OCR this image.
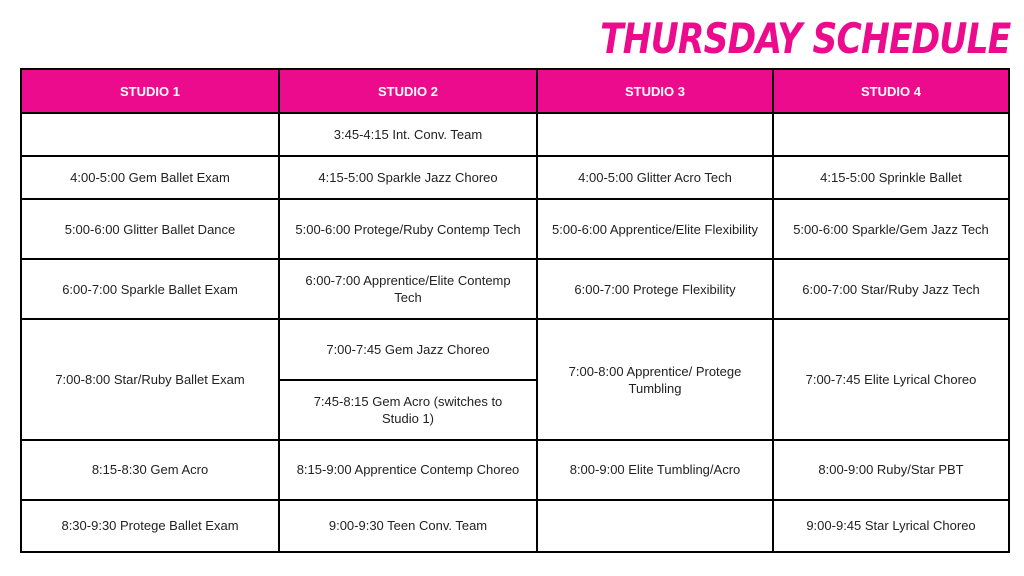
THURSDAY SCHEDULE
STUDIO 1	STUDIO 2	STUDIO 3	STUDIO 4
	3:45-4:15 Int. Conv. Team		
4:00-5:00 Gem Ballet Exam	4:15-5:00 Sparkle Jazz Choreo	4:00-5:00 Glitter Acro Tech	4:15-5:00 Sprinkle Ballet
5:00-6:00 Glitter Ballet Dance	5:00-6:00 Protege/Ruby Contemp Tech	5:00-6:00 Apprentice/Elite Flexibility	5:00-6:00 Sparkle/Gem Jazz Tech
6:00-7:00 Sparkle Ballet Exam	6:00-7:00 Apprentice/Elite Contemp Tech	6:00-7:00 Protege Flexibility	6:00-7:00 Star/Ruby Jazz Tech
7:00-8:00 Star/Ruby Ballet Exam	7:00-7:45 Gem Jazz Choreo	7:00-8:00 Apprentice/ Protege Tumbling	7:00-7:45 Elite Lyrical Choreo
	7:45-8:15 Gem Acro (switches to Studio 1)		
8:15-8:30 Gem Acro	8:15-9:00 Apprentice Contemp Choreo	8:00-9:00 Elite Tumbling/Acro	8:00-9:00 Ruby/Star PBT
8:30-9:30 Protege Ballet Exam	9:00-9:30 Teen Conv. Team		9:00-9:45 Star Lyrical Choreo
